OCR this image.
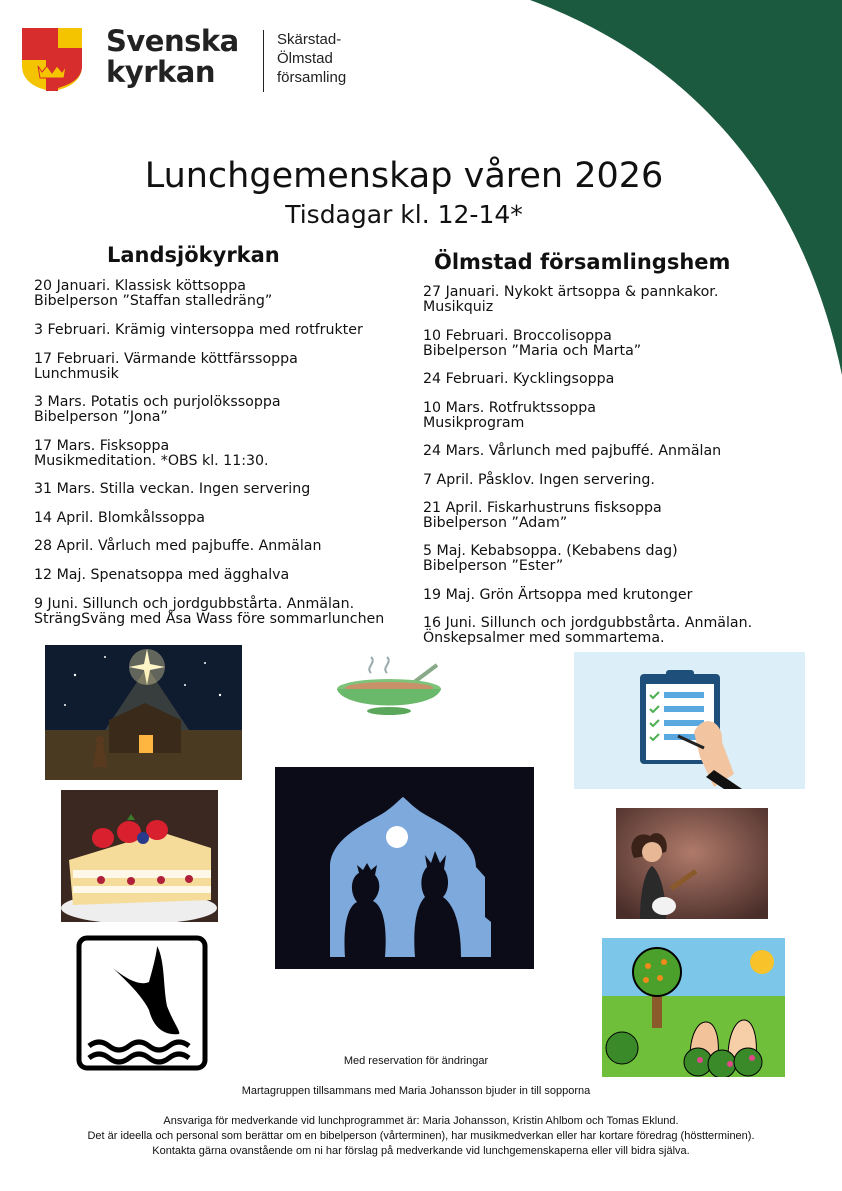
Svenska
kyrkan
Skärstad-
Ölmstad
församling
Lunchgemenskap våren 2026
Tisdagar kl. 12-14*
Landsjökyrkan
20 Januari. Klassisk köttsoppa
Bibelperson ”Staffan stalledräng”
3 Februari. Krämig vintersoppa med rotfrukter
17 Februari. Värmande köttfärssoppa
Lunchmusik
3 Mars. Potatis och purjolökssoppa
Bibelperson ”Jona”
17 Mars. Fisksoppa
Musikmeditation. *OBS kl. 11:30.
31 Mars. Stilla veckan. Ingen servering
14 April. Blomkålssoppa
28 April. Vårluch med pajbuffe. Anmälan
12 Maj. Spenatsoppa med ägghalva
9 Juni. Sillunch och jordgubbstårta. Anmälan.
SträngSväng med Åsa Wass före sommarlunchen
Ölmstad församlingshem
27 Januari. Nykokt ärtsoppa & pannkakor.
Musikquiz
10 Februari. Broccolisoppa
Bibelperson ”Maria och Marta”
24 Februari. Kycklingsoppa
10 Mars. Rotfruktssoppa
Musikprogram
24 Mars. Vårlunch med pajbuffé. Anmälan
7 April. Påsklov. Ingen servering.
21 April. Fiskarhustruns fisksoppa
Bibelperson ”Adam”
5 Maj. Kebabsoppa. (Kebabens dag)
Bibelperson ”Ester”
19 Maj. Grön Ärtsoppa med krutonger
16 Juni. Sillunch och jordgubbstårta. Anmälan.
Önskepsalmer med sommartema.
Med reservation för ändringar
Martagruppen tillsammans med Maria Johansson bjuder in till sopporna
Ansvariga för medverkande vid lunchprogrammet är: Maria Johansson, Kristin Ahlbom och Tomas Eklund.
Det är ideella och personal som berättar om en bibelperson (vårterminen), har musikmedverkan eller har kortare föredrag (höstterminen).
Kontakta gärna ovanstående om ni har förslag på medverkande vid lunchgemenskaperna eller vill bidra själva.
